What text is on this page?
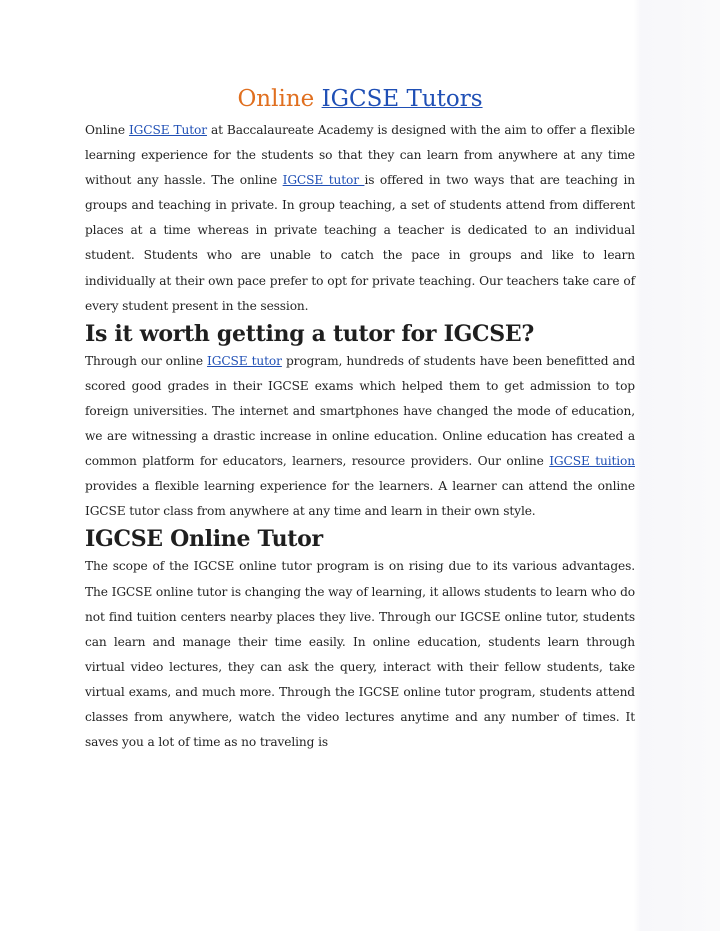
Online IGCSE Tutors

Online IGCSE Tutor at Baccalaureate Academy is designed with the aim to offer a flexible learning experience for the students so that they can learn from anywhere at any time without any hassle. The online IGCSE tutor is offered in two ways that are teaching in groups and teaching in private. In group teaching, a set of students attend from different places at a time whereas in private teaching a teacher is dedicated to an individual student. Students who are unable to catch the pace in groups and like to learn individually at their own pace prefer to opt for private teaching. Our teachers take care of every student present in the session.

Is it worth getting a tutor for IGCSE?

Through our online IGCSE tutor program, hundreds of students have been benefitted and scored good grades in their IGCSE exams which helped them to get admission to top foreign universities. The internet and smartphones have changed the mode of education, we are witnessing a drastic increase in online education. Online education has created a common platform for educators, learners, resource providers. Our online IGCSE tuition provides a flexible learning experience for the learners. A learner can attend the online IGCSE tutor class from anywhere at any time and learn in their own style.

IGCSE Online Tutor

The scope of the IGCSE online tutor program is on rising due to its various advantages. The IGCSE online tutor is changing the way of learning, it allows students to learn who do not find tuition centers nearby places they live. Through our IGCSE online tutor, students can learn and manage their time easily. In online education, students learn through virtual video lectures, they can ask the query, interact with their fellow students, take virtual exams, and much more. Through the IGCSE online tutor program, students attend classes from anywhere, watch the video lectures anytime and any number of times. It saves you a lot of time as no traveling is
